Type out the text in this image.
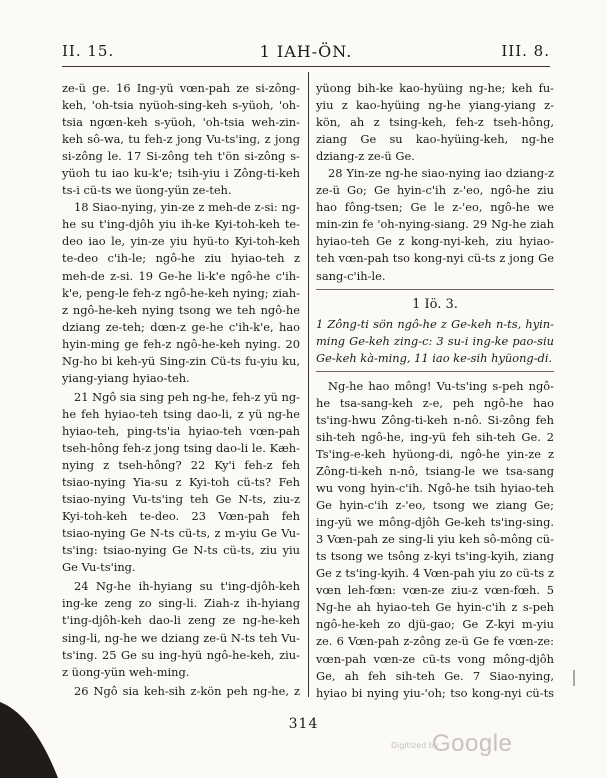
II. 15.	1 IAH-ÖN.	III. 8.

ze-ü ge. 16 Ing-yü vœn-pah ze si-zông-keh, 'oh-tsia nyüoh-sing-keh s-yüoh, 'oh-tsia ngœn-keh s-yüoh, 'oh-tsia weh-zin-keh sô-wa, tu feh-z jong Vu-ts'ing, z jong si-zông le. 17 Si-zông teh t'ön si-zông s-yüoh tu iao ku-k'e; tsih-yiu i Zông-ti-keh ts-i cü-ts we üong-yün ze-teh.

18 Siao-nying, yin-ze z meh-de z-si: ng-he su t'ing-djôh yiu ih-ke Kyi-toh-keh te-deo iao le, yin-ze yiu hyü-to Kyi-toh-keh te-deo c'ih-le; ngô-he ziu hyiao-teh z meh-de z-si. 19 Ge-he li-k'e ngô-he c'ih-k'e, peng-le feh-z ngô-he-keh nying; ziah-z ngô-he-keh nying tsong we teh ngô-he dziang ze-teh; dœn-z ge-he c'ih-k'e, hao hyin-ming ge feh-z ngô-he-keh nying. 20 Ng-ho bi keh-yü Sing-zin Cü-ts fu-yiu ku, yiang-yiang hyiao-teh.

21 Ngô sia sing peh ng-he, feh-z yü ng-he feh hyiao-teh tsing dao-li, z yü ng-he hyiao-teh, ping-ts'ia hyiao-teh vœn-pah tseh-hông feh-z jong tsing dao-li le. Kæh-nying z tseh-hông? 22 Ky'i feh-z feh tsiao-nying Yia-su z Kyi-toh cü-ts? Feh tsiao-nying Vu-ts'ing teh Ge N-ts, ziu-z Kyi-toh-keh te-deo. 23 Vœn-pah feh tsiao-nying Ge N-ts cü-ts, z m-yiu Ge Vu-ts'ing: tsiao-nying Ge N-ts cü-ts, ziu yiu Ge Vu-ts'ing.

24 Ng-he ih-hyiang su t'ing-djôh-keh ing-ke zeng zo sing-li. Ziah-z ih-hyiang t'ing-djôh-keh dao-li zeng ze ng-he-keh sing-li, ng-he we dziang ze-ü N-ts teh Vu-ts'ing. 25 Ge su ing-hyü ngô-he-keh, ziu-z üong-yün weh-ming.

26 Ngô sia keh-sih z-kön peh ng-he, z

yüong bih-ke kao-hyüing ng-he; keh fu-yiu z kao-hyüing ng-he yiang-yiang z-kön, ah z tsing-keh, feh-z tseh-hông, ziang Ge su kao-hyüing-keh, ng-he dziang-z ze-ü Ge.

28 Yin-ze ng-he siao-nying iao dziang-z ze-ü Go; Ge hyin-c'ih z-'eo, ngô-he ziu hao fông-tsen; Ge le z-'eo, ngô-he we min-zin fe 'oh-nying-siang. 29 Ng-he ziah hyiao-teh Ge z kong-nyi-keh, ziu hyiao-teh vœn-pah tso kong-nyi cü-ts z jong Ge sang-c'ih-le.

1 Iö. 3.

1 Zông-ti sön ngô-he z Ge-keh n-ts, hyin-ming Ge-keh zing-c: 3 su-i ing-ke pao-siu Ge-keh kà-ming, 11 iao ke-sih hyüong-di.

Ng-he hao mông! Vu-ts'ing s-peh ngô-he tsa-sang-keh z-e, peh ngô-he hao ts'ing-hwu Zông-ti-keh n-nô. Si-zông feh sih-teh ngô-he, ing-yü feh sih-teh Ge. 2 Ts'ing-e-keh hyüong-di, ngô-he yin-ze z Zông-ti-keh n-nô, tsiang-le we tsa-sang wu vong hyin-c'ih. Ngô-he tsih hyiao-teh Ge hyin-c'ih z-'eo, tsong we ziang Ge; ing-yü we mông-djôh Ge-keh ts'ing-sing. 3 Vœn-pah ze sing-li yiu keh sô-mông cü-ts tsong we tsông z-kyi ts'ing-kyih, ziang Ge z ts'ing-kyih. 4 Vœn-pah yiu zo cü-ts z vœn leh-fœn: vœn-ze ziu-z vœn-fœh. 5 Ng-he ah hyiao-teh Ge hyin-c'ih z s-peh ngô-he-keh zo djü-gao; Ge Z-kyi m-yiu ze. 6 Vœn-pah z-zông ze-ü Ge fe vœn-ze: vœn-pah vœn-ze cü-ts vong mông-djôh Ge, ah feh sih-teh Ge. 7 Siao-nying, hyiao bi nying yiu-'oh; tso kong-nyi cü-ts

314
Digitized by
Google
